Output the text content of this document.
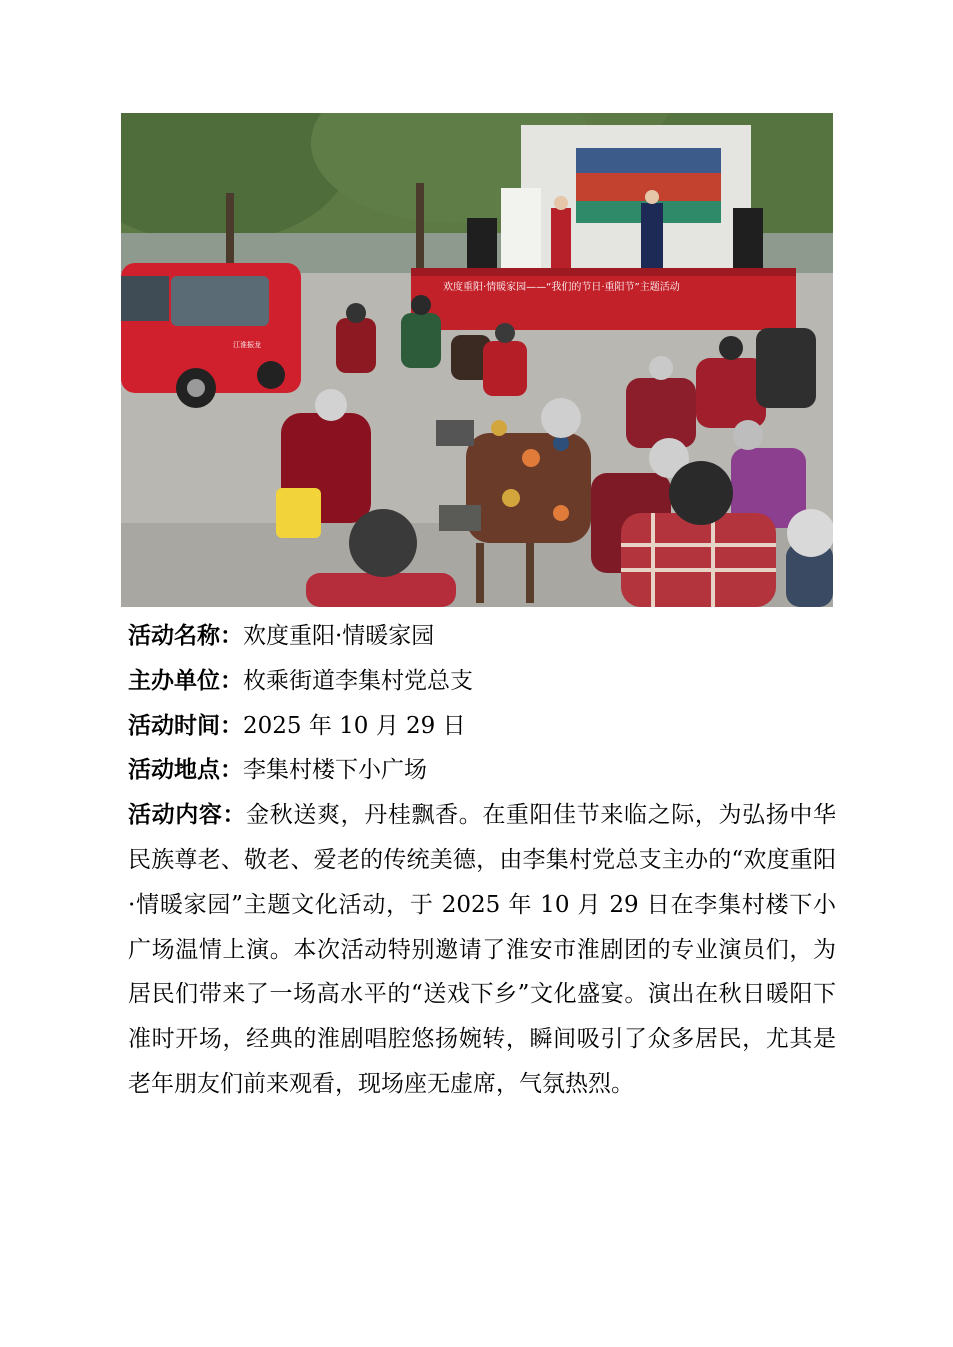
欢度重阳·情暖家园——“我们的节日·重阳节”主题活动
江淮振龙
活动名称：欢度重阳·情暖家园
主办单位：枚乘街道李集村党总支
活动时间：2025 年 10 月 29 日
活动地点：李集村楼下小广场
活动内容：金秋送爽，丹桂飘香。在重阳佳节来临之际，为弘扬中华民族尊老、敬老、爱老的传统美德，由李集村党总支主办的“欢度重阳·情暖家园”主题文化活动，于 2025 年 10 月 29 日在李集村楼下小广场温情上演。本次活动特别邀请了淮安市淮剧团的专业演员们，为居民们带来了一场高水平的“送戏下乡”文化盛宴。演出在秋日暖阳下准时开场，经典的淮剧唱腔悠扬婉转，瞬间吸引了众多居民，尤其是老年朋友们前来观看，现场座无虚席，气氛热烈。
